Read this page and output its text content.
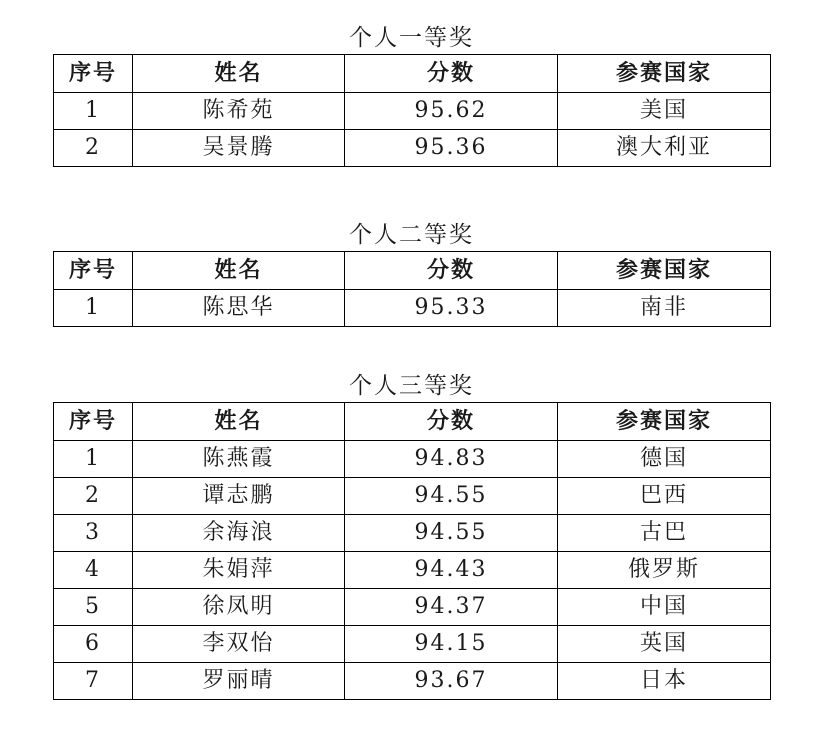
个人一等奖
序号	姓名	分数	参赛国家
1	陈希苑	95.62	美国
2	吴景腾	95.36	澳大利亚
个人二等奖
序号	姓名	分数	参赛国家
1	陈思华	95.33	南非
个人三等奖
序号	姓名	分数	参赛国家
1	陈燕霞	94.83	德国
2	谭志鹏	94.55	巴西
3	余海浪	94.55	古巴
4	朱娟萍	94.43	俄罗斯
5	徐凤明	94.37	中国
6	李双怡	94.15	英国
7	罗丽晴	93.67	日本
